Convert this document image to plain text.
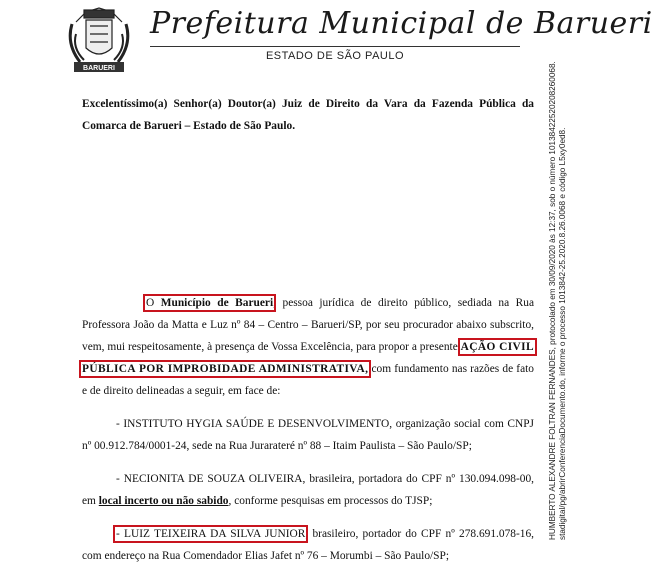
BARUERI
Prefeitura Municipal de Barueri
ESTADO DE SÃO PAULO
Excelentíssimo(a) Senhor(a) Doutor(a) Juiz de Direito da Vara da Fazenda Pública da Comarca de Barueri – Estado de São Paulo.

O Município de Barueri, pessoa jurídica de direito público, sediada na Rua Professora João da Matta e Luz nº 84 – Centro – Barueri/SP, por seu procurador abaixo subscrito, vem, mui respeitosamente, à presença de Vossa Excelência, para propor a presente AÇÃO CIVIL PÚBLICA POR IMPROBIDADE ADMINISTRATIVA, com fundamento nas razões de fato e de direito delineadas a seguir, em face de:

- INSTITUTO HYGIA SAÚDE E DESENVOLVIMENTO, organização social com CNPJ nº 00.912.784/0001-24, sede na Rua Jurarateré nº 88 – Itaim Paulista – São Paulo/SP;

- NECIONITA DE SOUZA OLIVEIRA, brasileira, portadora do CPF nº 130.094.098-00, em local incerto ou não sabido, conforme pesquisas em processos do TJSP;

- LUIZ TEIXEIRA DA SILVA JUNIOR, brasileiro, portador do CPF nº 278.691.078-16, com endereço na Rua Comendador Elias Jafet nº 76 – Morumbi – São Paulo/SP;

HUMBERTO ALEXANDRE FOLTRAN FERNANDES, protocolado em 30/09/2020 às 12:37, sob o número 10138422520208260068. stadigital/pg/abrirConferenciaDocumento.do, informe o processo 1013842-25.2020.8.26.0068 e código L5xy0ed8.
